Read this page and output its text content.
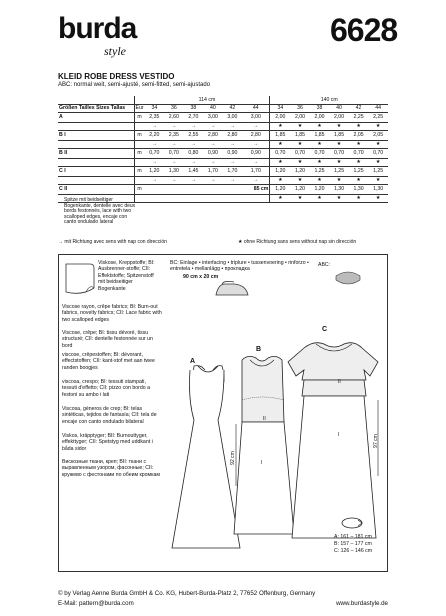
burda
style
6628
KLEID ROBE DRESS VESTIDO
ABC: normal weit, semi-ajusté, semi-fitted, semi-ajustado
		114 cm						140 cm					
Größen Tailles Sizes Tallas	Eur	34	36	38	40	42	44	34	36	38	40	42	44
A	m	2,35	2,60	2,70	3,00	3,00	3,00	2,00	2,00	2,00	2,00	2,25	2,25
		→	→	→	→	→	→	★	★	★	★	★	★
B I	m	2,20	2,35	2,55	2,80	2,80	2,80	1,85	1,85	1,85	1,85	2,05	2,05
		→	→	→	→	→	→	★	★	★	★	★	★
B II	m	0,70	0,70	0,80	0,90	0,90	0,90	0,70	0,70	0,70	0,70	0,70	0,70
		→	→	→	→	→	→	★	★	★	★	★	★
C I	m	1,20	1,30	1,45	1,70	1,70	1,70	1,20	1,20	1,25	1,25	1,25	1,25
		→	→	→	→	→	→	★	★	★	★	★	★
C II	m						85 cm	1,20	1,20	1,20	1,30	1,30	1,30
								★	★	★	★	★	★
Spitze mit beidseitiger Bogenkante, dentelle avec deux bords festonnés, lace with two scalloped edges, encaje con canto ondulado lateral
→ mit Richtung avec sens with nap con dirección	★ ohne Richtung sans sens without nap sin dirección
Viskose, Kreppstoffe; BI: Ausbrenner-stoffe; CII: Effektstoffe; Spitzenstoff mit beidseitiger Bogenkante
Viscose rayon, crêpe fabrics; BI: Burn-out fabrics, novelty fabrics; CII: Lace fabric with two scalloped edges
Viscose, crêpe; BI: tissu dévoré, tissu structuré; CII: dentelle festonnée sur un bord
viscose, crêpestoffen; BI: dévorant, effectstoffen; CII: kant-stof met aan twee randen boogjes
viscosa, crespo; BI: tessuti stampati, tessuti d'effetto; CII: pizzo con bordo a festoni su ambo i lati
Viscosa, géneros de crep; BI: telas sintéticas, tejidos de fantasía; CII: tela de encaje con canto ondulado bilateral
Viskos, kräpptyger; BII: Burnouttyger, effekttyger; CII: Spetstyg med uddkant i båda sidor
Вискозные ткани, креп; BII: ткани с выравленным узором, фасонные; CII: кружево с фестонами по обеим кромкам
BC: Einlage • interfacing • triplure • tussenvoering • rinforzo • entretela • mellanlägg • прокладка
90 cm x 20 cm
ABC:
A
B
C
92 cm
97 cm
II
I
II
I
A: 161 – 181 cm
B: 157 – 177 cm
C: 126 – 146 cm
© by Verlag Aenne Burda GmbH & Co. KG, Hubert-Burda-Platz 2, 77652 Offenburg, Germany
E-Mail: pattern@burda.com	www.burdastyle.de
